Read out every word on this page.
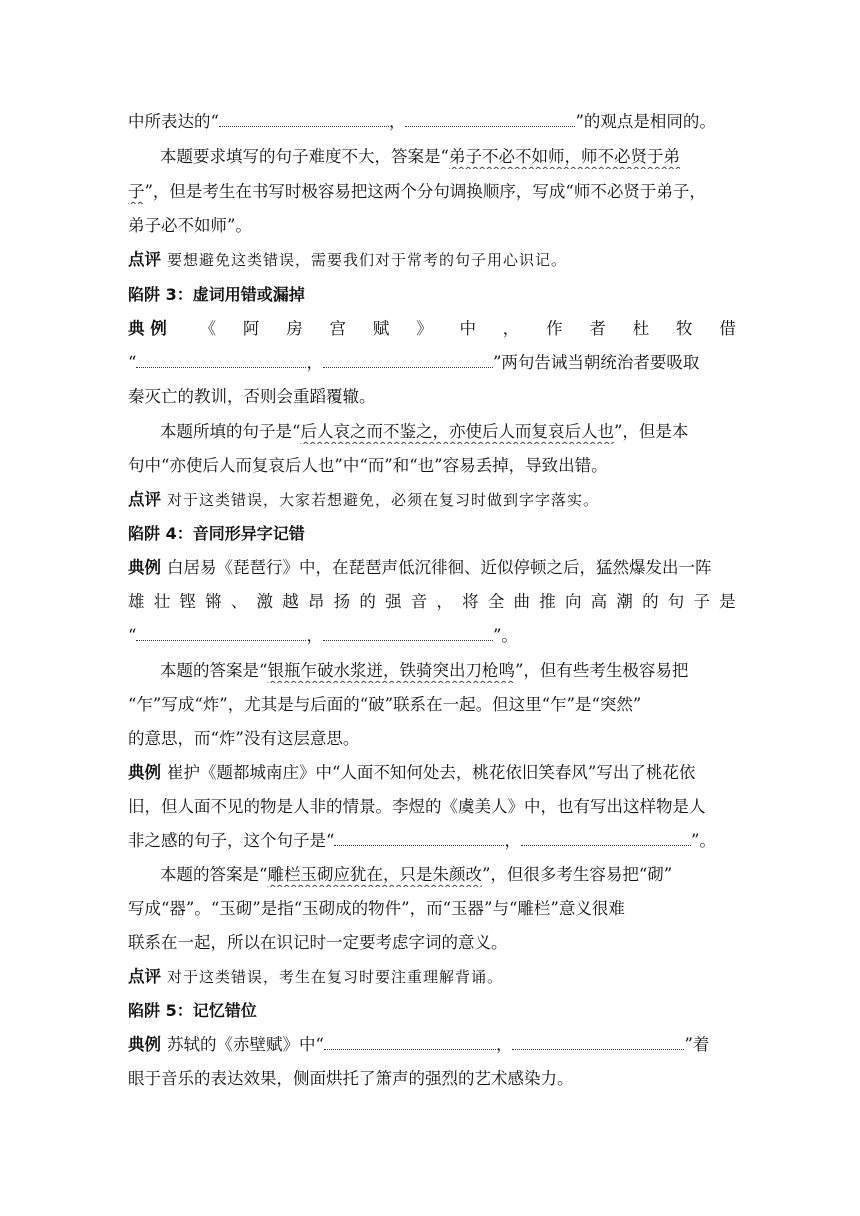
中所表达的“	，	”的观点是相同的。
本题要求填写的句子难度不大，答案是“弟子不必不如师，师不必贤于弟
子”，但是考生在书写时极容易把这两个分句调换顺序，写成“师不必贤于弟子，
弟子必不如师”。
点评 要想避免这类错误，需要我们对于常考的句子用心识记。
陷阱 3：虚词用错或漏掉
典 例 《 阿 房 宫 赋 》 中 ， 作 者 杜 牧 借
“	，	”两句告诫当朝统治者要吸取
秦灭亡的教训，否则会重蹈覆辙。
本题所填的句子是“后人哀之而不鉴之，亦使后人而复哀后人也”，但是本
句中“亦使后人而复哀后人也”中“而”和“也”容易丢掉，导致出错。
点评 对于这类错误，大家若想避免，必须在复习时做到字字落实。
陷阱 4：音同形异字记错
典例 白居易《琵琶行》中，在琵琶声低沉徘徊、近似停顿之后，猛然爆发出一阵
雄 壮 铿 锵 、 激 越 昂 扬 的 强 音 ， 将 全 曲 推 向 高 潮 的 句 子 是
“	，	”。
本题的答案是“银瓶乍破水浆迸，铁骑突出刀枪鸣”，但有些考生极容易把
“乍”写成“炸”，尤其是与后面的“破”联系在一起。但这里“乍”是“突然”
的意思，而“炸”没有这层意思。
典例 崔护《题都城南庄》中“人面不知何处去，桃花依旧笑春风”写出了桃花依
旧，但人面不见的物是人非的情景。李煜的《虞美人》中，也有写出这样物是人
非之感的句子，这个句子是“	，	”。
本题的答案是“雕栏玉砌应犹在，只是朱颜改”，但很多考生容易把“砌”
写成“器”。“玉砌”是指“玉砌成的物件”，而“玉器”与“雕栏”意义很难
联系在一起，所以在识记时一定要考虑字词的意义。
点评 对于这类错误，考生在复习时要注重理解背诵。
陷阱 5：记忆错位
典例 苏轼的《赤壁赋》中“	，	”着
眼于音乐的表达效果，侧面烘托了箫声的强烈的艺术感染力。
